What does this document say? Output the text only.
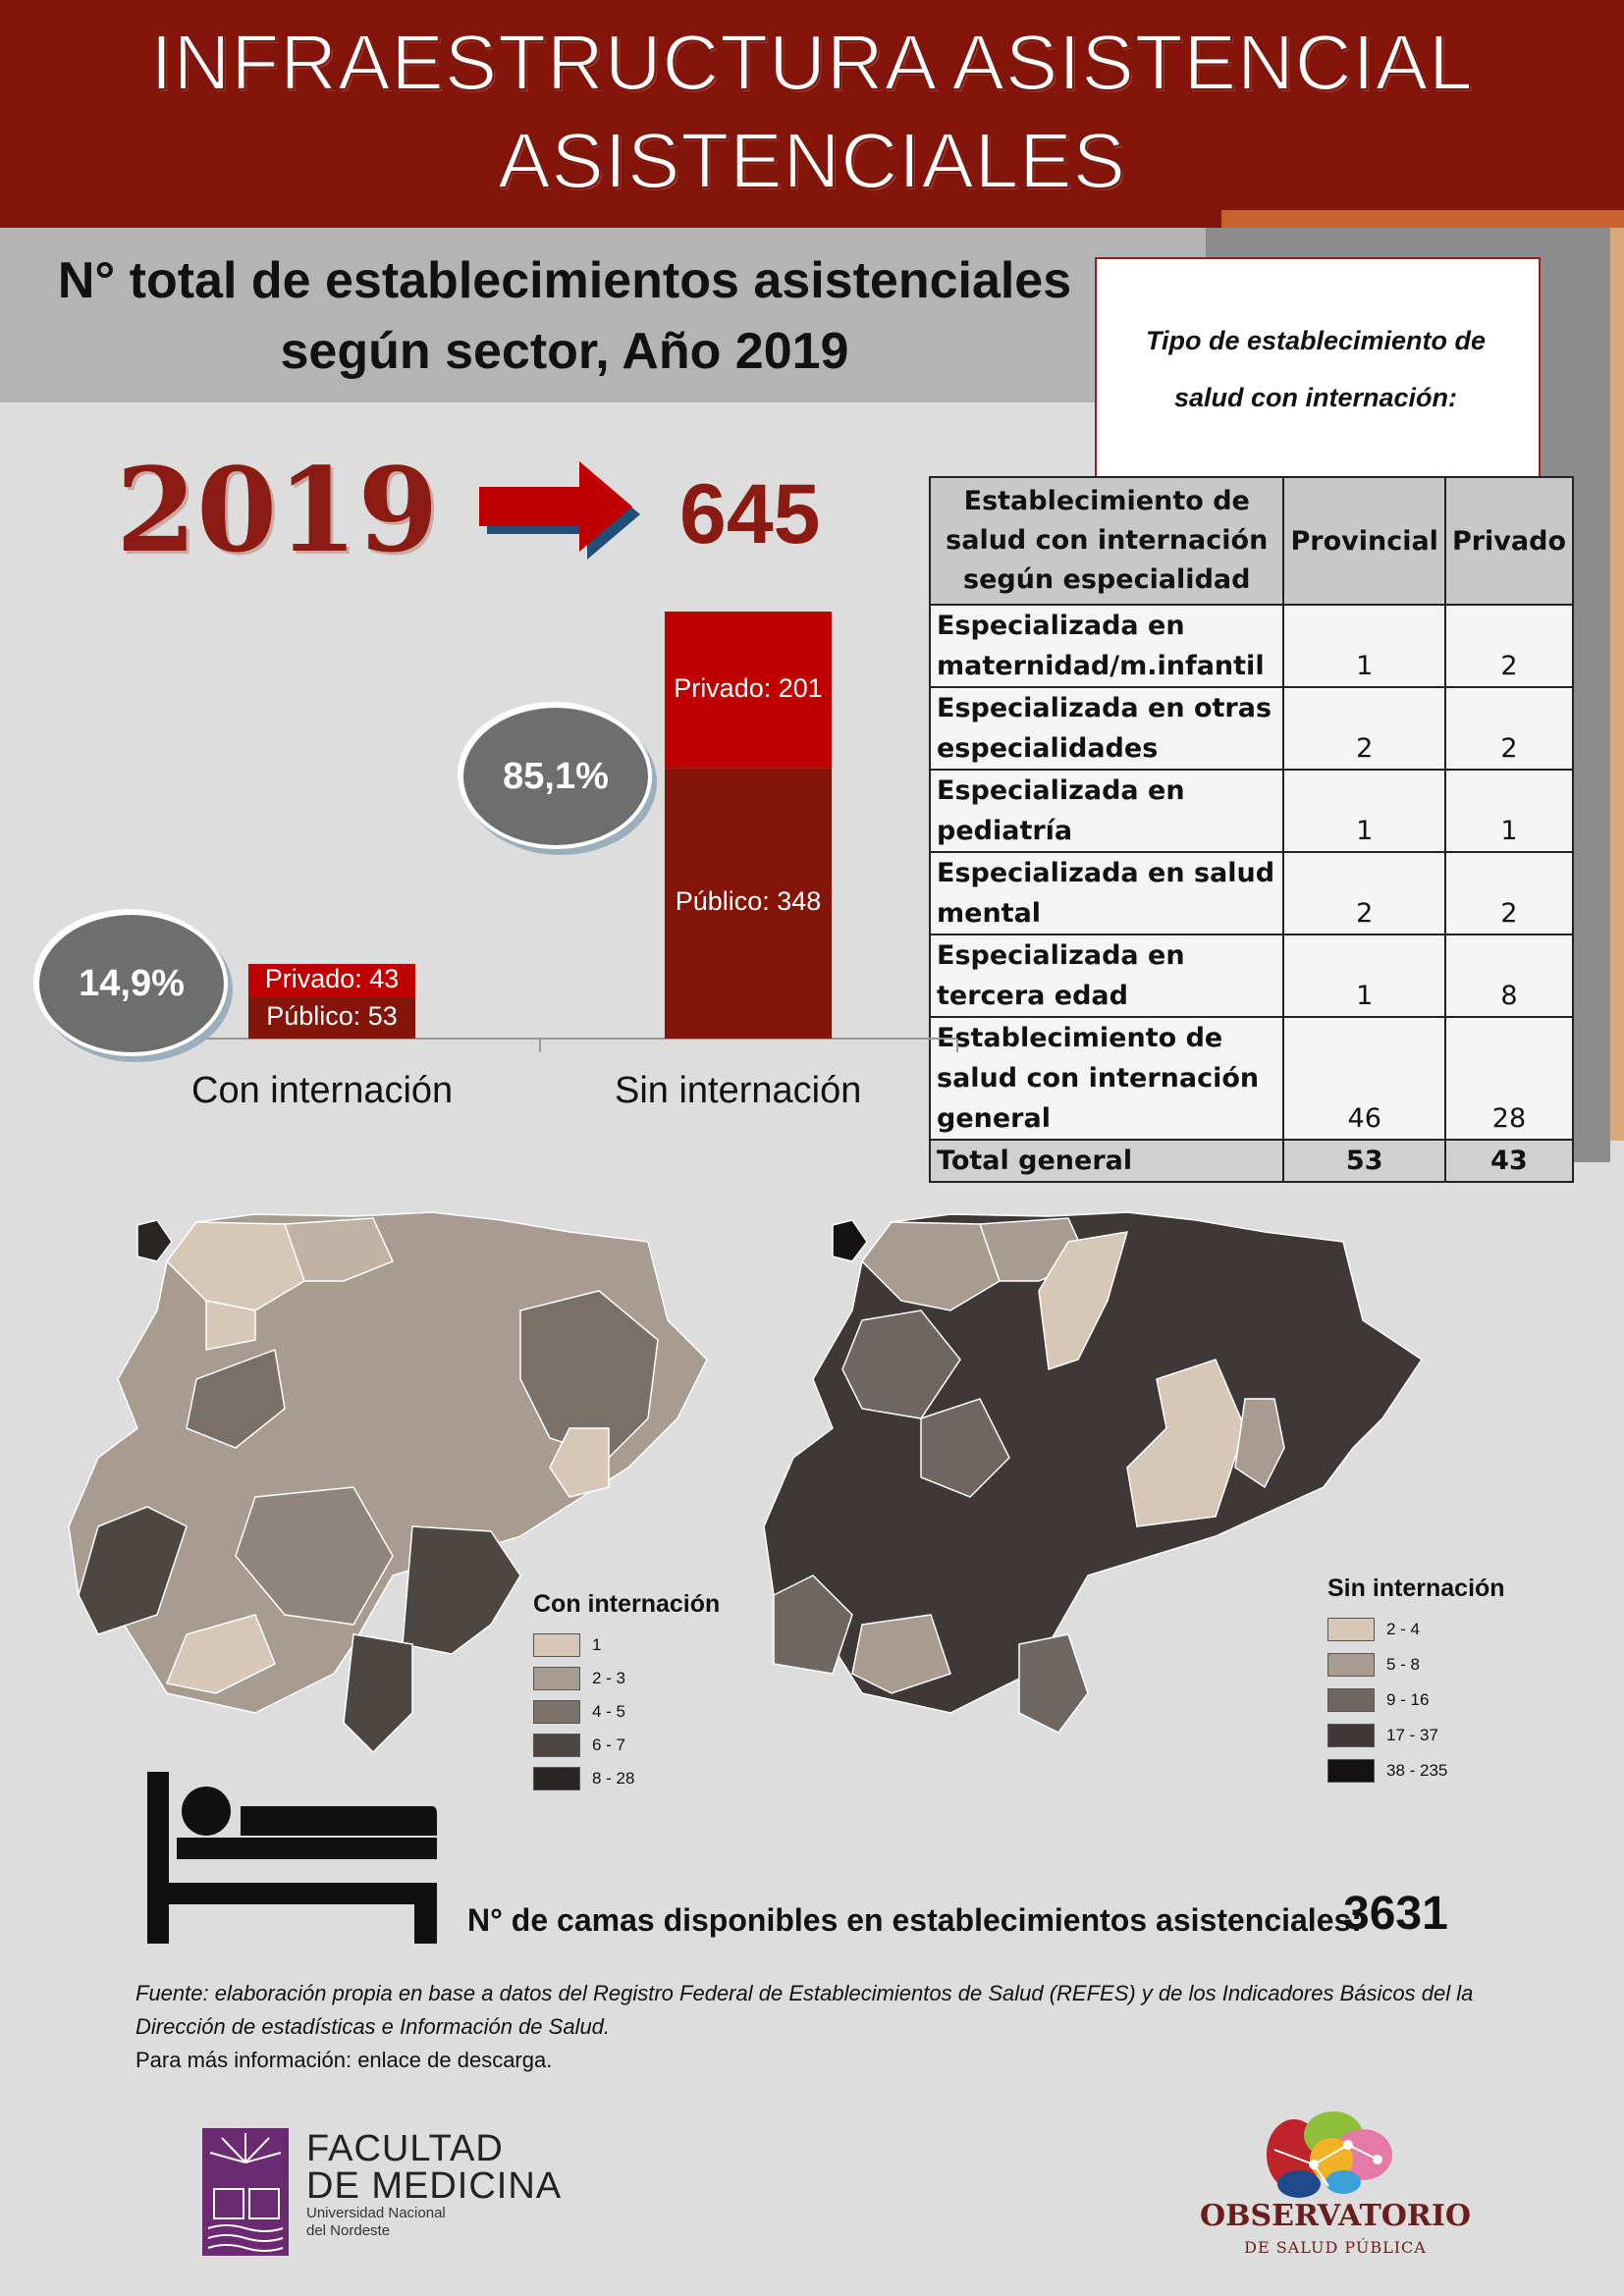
INFRAESTRUCTURA ASISTENCIAL
ASISTENCIALES
N° total de establecimientos asistenciales
según sector, Año 2019	Tipo de establecimiento de
salud con internación:
2019	645	Establecimiento de salud con internación según especialidad	Provincial	Privado
Especializada en maternidad/m.infantil	1	2
Especializada en otras especialidades	2	2
Especializada en pediatría	1	1
Especializada en salud mental	2	2
Especializada en tercera edad	1	8
Establecimiento de salud con internación general	46	28
Total general	53	43
Público: 53
Privado: 43
Público: 348
Privado: 201
14,9%
85,1%
Con internación	Sin internación
Con internación
1
2 - 3
4 - 5
6 - 7
8 - 28
Sin internación
2 - 4
5 - 8
9 - 16
17 - 37
38 - 235
N° de camas disponibles en establecimientos asistenciales:
3631
Fuente: elaboración propia en base a datos del Registro Federal de Establecimientos de Salud (REFES) y de los Indicadores Básicos del la
Dirección de estadísticas e Información de Salud.
Para más información: enlace de descarga.
FACULTAD
DE MEDICINA
Universidad Nacional
del Nordeste	OBSERVATORIO
DE SALUD PÚBLICA
